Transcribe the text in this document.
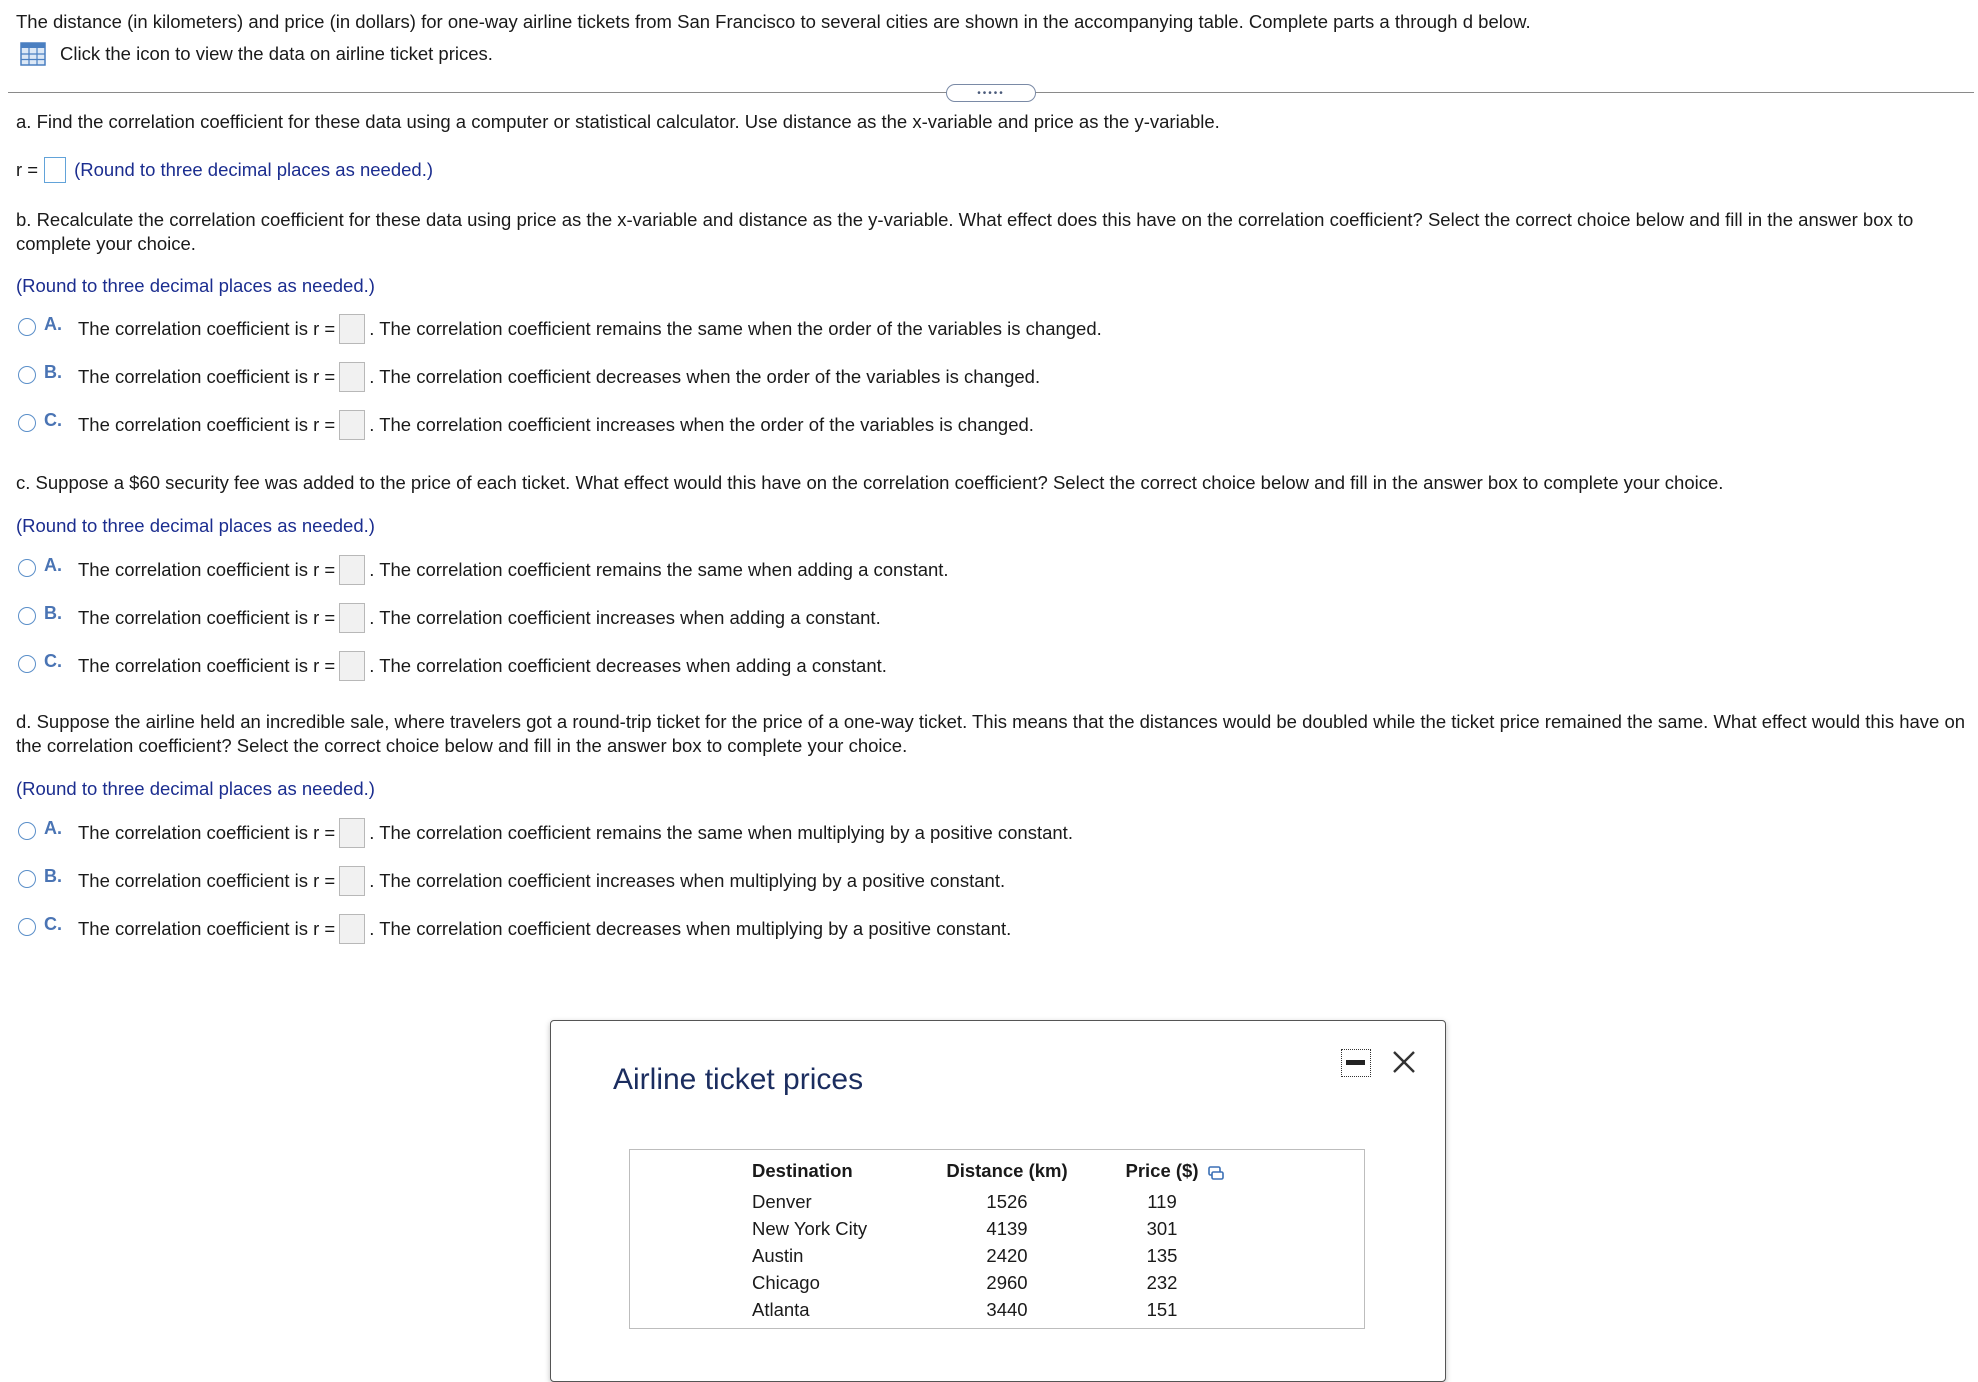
The distance (in kilometers) and price (in dollars) for one-way airline tickets from San Francisco to several cities are shown in the accompanying table. Complete parts a through d below.
Click the icon to view the data on airline ticket prices.
•••••
a. Find the correlation coefficient for these data using a computer or statistical calculator. Use distance as the x-variable and price as the y-variable.
r = (Round to three decimal places as needed.)
b. Recalculate the correlation coefficient for these data using price as the x-variable and distance as the y-variable. What effect does this have on the correlation coefficient? Select the correct choice below and fill in the answer box to complete your choice.
(Round to three decimal places as needed.)
A. The correlation coefficient is r = . The correlation coefficient remains the same when the order of the variables is changed.
B. The correlation coefficient is r = . The correlation coefficient decreases when the order of the variables is changed.
C. The correlation coefficient is r = . The correlation coefficient increases when the order of the variables is changed.
c. Suppose a $60 security fee was added to the price of each ticket. What effect would this have on the correlation coefficient? Select the correct choice below and fill in the answer box to complete your choice.
(Round to three decimal places as needed.)
A. The correlation coefficient is r = . The correlation coefficient remains the same when adding a constant.
B. The correlation coefficient is r = . The correlation coefficient increases when adding a constant.
C. The correlation coefficient is r = . The correlation coefficient decreases when adding a constant.
d. Suppose the airline held an incredible sale, where travelers got a round-trip ticket for the price of a one-way ticket. This means that the distances would be doubled while the ticket price remained the same. What effect would this have on the correlation coefficient? Select the correct choice below and fill in the answer box to complete your choice.
(Round to three decimal places as needed.)
A. The correlation coefficient is r = . The correlation coefficient remains the same when multiplying by a positive constant.
B. The correlation coefficient is r = . The correlation coefficient increases when multiplying by a positive constant.
C. The correlation coefficient is r = . The correlation coefficient decreases when multiplying by a positive constant.
Airline ticket prices
Destination	Distance (km)	Price ($)
Denver	1526	119
New York City	4139	301
Austin	2420	135
Chicago	2960	232
Atlanta	3440	151
